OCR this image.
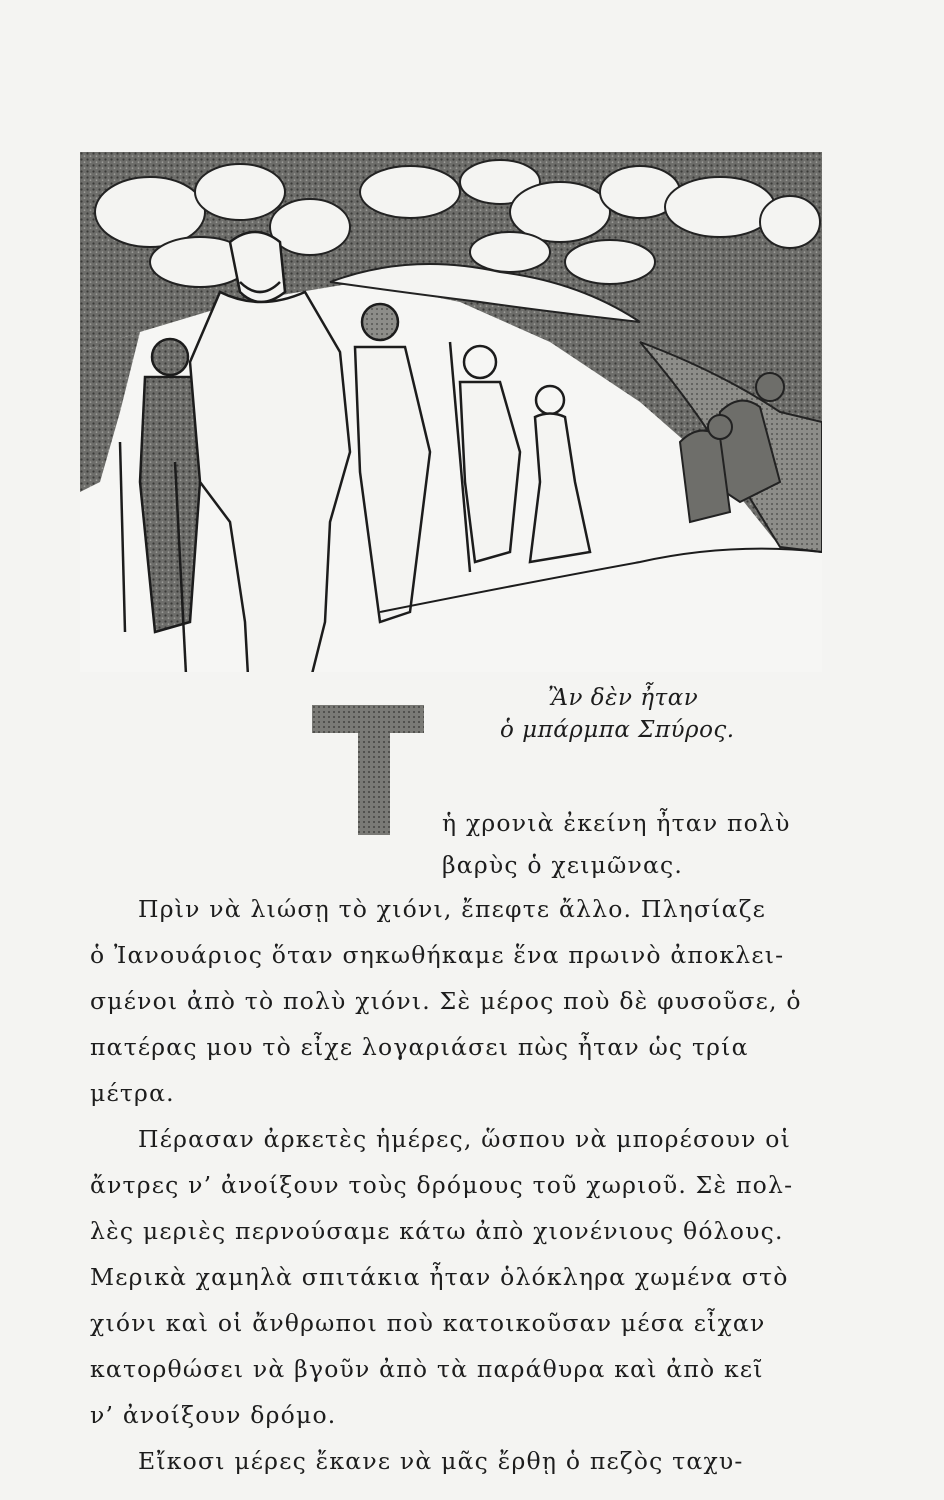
Ἂν δὲν ἦταν
ὁ μπάρμπα Σπύρος.
ἡ χρονιὰ ἐκείνη ἦταν πολὺ
βαρὺς ὁ χειμῶνας.
Πρὶν νὰ λιώσῃ τὸ χιόνι, ἔπεφτε ἄλλο. Πλησίαζε
ὁ Ἰανουάριος ὅταν σηκωθήκαμε ἕνα πρωινὸ ἀποκλει-
σμένοι ἀπὸ τὸ πολὺ χιόνι. Σὲ μέρος ποὺ δὲ φυσοῦσε, ὁ
πατέρας μου τὸ εἶχε λογαριάσει πὼς ἦταν ὡς τρία
μέτρα.
Πέρασαν ἀρκετὲς ἡμέρες, ὥσπου νὰ μπορέσουν οἱ
ἄντρες ν’ ἀνοίξουν τοὺς δρόμους τοῦ χωριοῦ. Σὲ πολ-
λὲς μεριὲς περνούσαμε κάτω ἀπὸ χιονένιους θόλους.
Μερικὰ χαμηλὰ σπιτάκια ἦταν ὁλόκληρα χωμένα στὸ
χιόνι καὶ οἱ ἄνθρωποι ποὺ κατοικοῦσαν μέσα εἶχαν
κατορθώσει νὰ βγοῦν ἀπὸ τὰ παράθυρα καὶ ἀπὸ κεῖ
ν’ ἀνοίξουν δρόμο.
Εἴκοσι μέρες ἔκανε νὰ μᾶς ἔρθῃ ὁ πεζὸς ταχυ-
